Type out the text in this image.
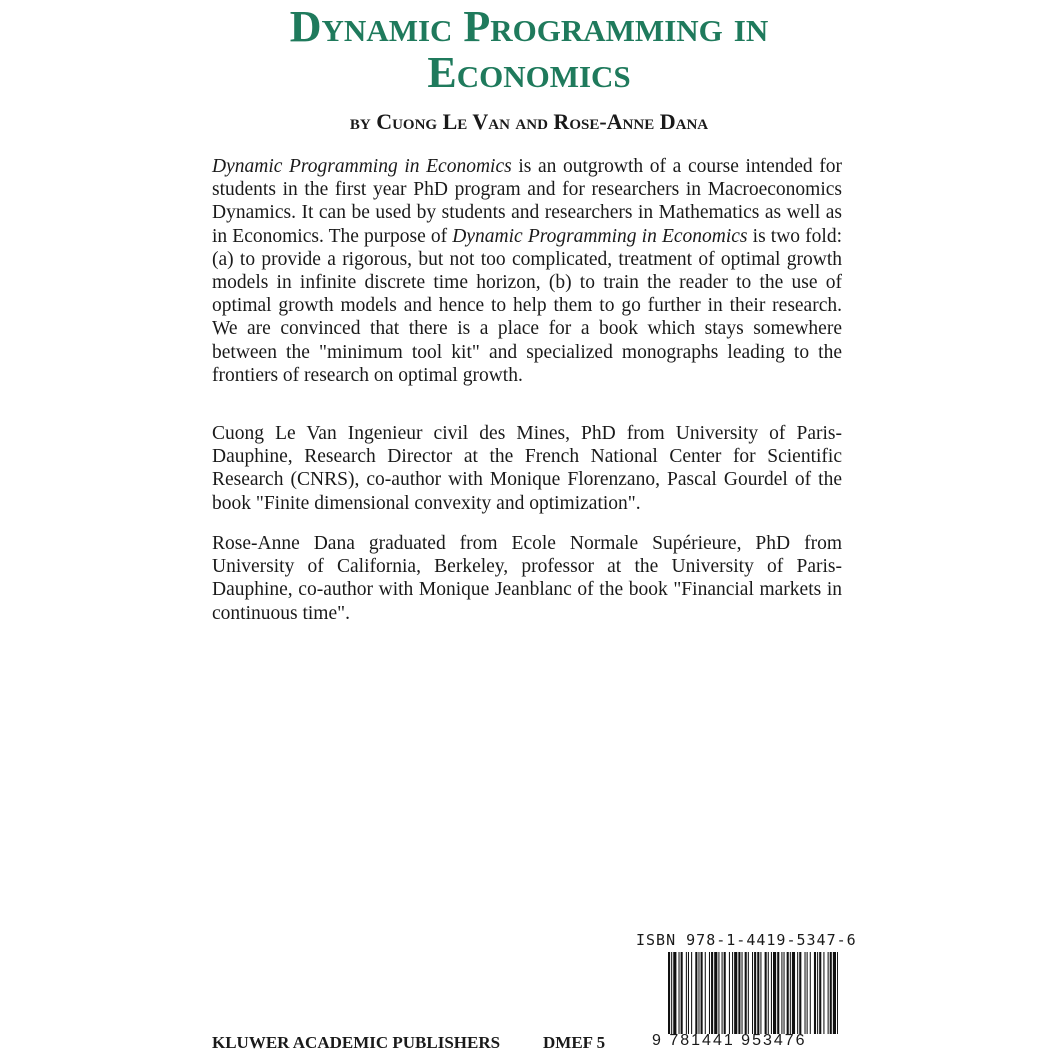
Dynamic Programming in
Economics
by Cuong Le Van and Rose-Anne Dana

Dynamic Programming in Economics is an outgrowth of a course intended for students in the first year PhD program and for researchers in Macroeconomics Dynamics. It can be used by students and researchers in Mathematics as well as in Economics. The purpose of Dynamic Programming in Economics is two fold: (a) to provide a rigorous, but not too complicated, treatment of optimal growth models in infinite discrete time horizon, (b) to train the reader to the use of optimal growth models and hence to help them to go further in their research. We are convinced that there is a place for a book which stays somewhere between the "minimum tool kit" and specialized monographs leading to the frontiers of research on optimal growth.

Cuong Le Van Ingenieur civil des Mines, PhD from University of Paris-Dauphine, Research Director at the French National Center for Scientific Research (CNRS), co-author with Monique Florenzano, Pascal Gourdel of the book "Finite dimensional convexity and optimization".

Rose-Anne Dana graduated from Ecole Normale Supérieure, PhD from University of California, Berkeley, professor at the University of Paris-Dauphine, co-author with Monique Jeanblanc of the book "Financial markets in continuous time".

ISBN 978-1-4419-5347-6
9 781441 953476
KLUWER ACADEMIC PUBLISHERS	DMEF 5
